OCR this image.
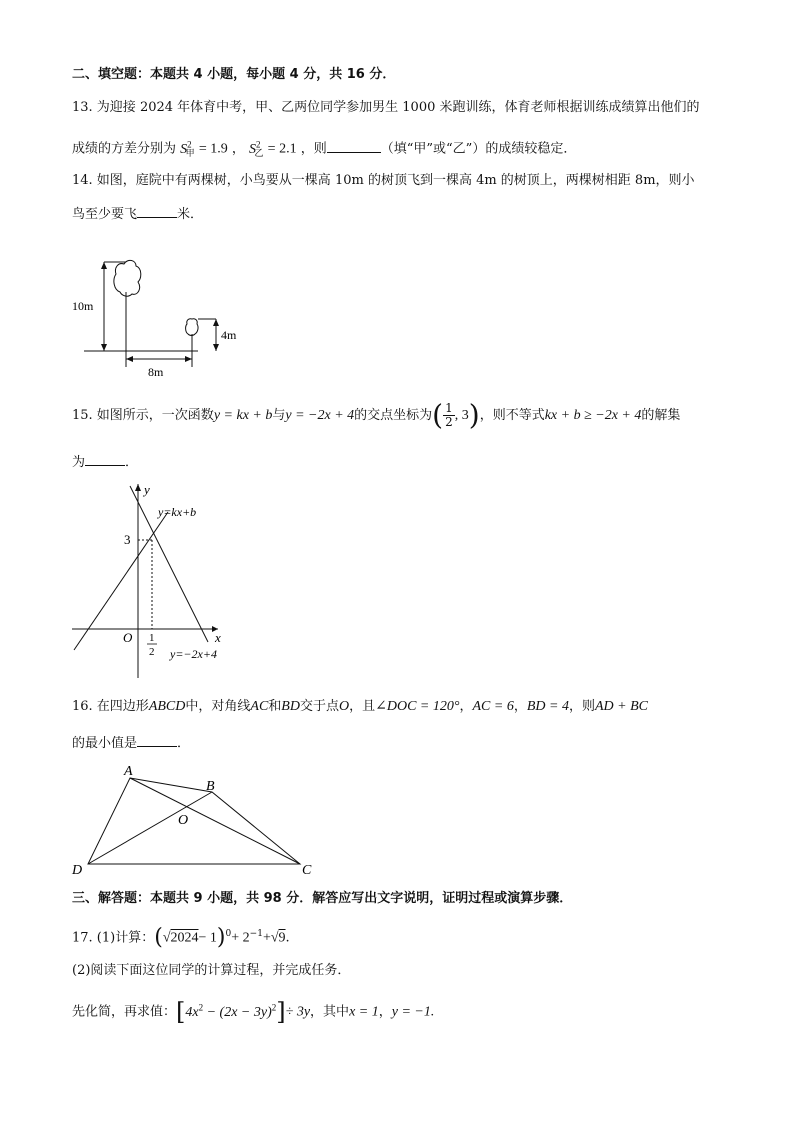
二、填空题：本题共 4 小题，每小题 4 分，共 16 分．
13. 为迎接 2024 年体育中考，甲、乙两位同学参加男生 1000 米跑训练，体育老师根据训练成绩算出他们的
成绩的方差分别为 $S^2_甲 = 1.9$ ， $S^2_乙 = 2.1$ ，则	（填“甲”或“乙”）的成绩较稳定．
14. 如图，庭院中有两棵树，小鸟要从一棵高 10m 的树顶飞到一棵高 4m 的树顶上，两棵树相距 8m，则小
鸟至少要飞	米．
10m
4m
8m
15. 如图所示，一次函数y = kx + b与y = −2x + 4的交点坐标为( $\frac{1}{2}$ , 3)，则不等式kx + b ≥ −2x + 4的解集
为	．
y
x
O
3
1
2
y=kx+b
y=−2x+4
16. 在四边形ABCD中，对角线AC和BD交于点O，且∠DOC = 120°，AC = 6，BD = 4，则AD + BC
的最小值是	．
A
B
C
D
O
三、解答题：本题共 9 小题，共 98 分．解答应写出文字说明，证明过程或演算步骤．
17. (1)计算：$(√2024- 1)^0+ 2^{-1}+√9$.
(2)阅读下面这位同学的计算过程，并完成任务．
先化简，再求值：$[4x^2 - (2x - 3y)^2]\div 3y$，其中x = 1，y = −1.
